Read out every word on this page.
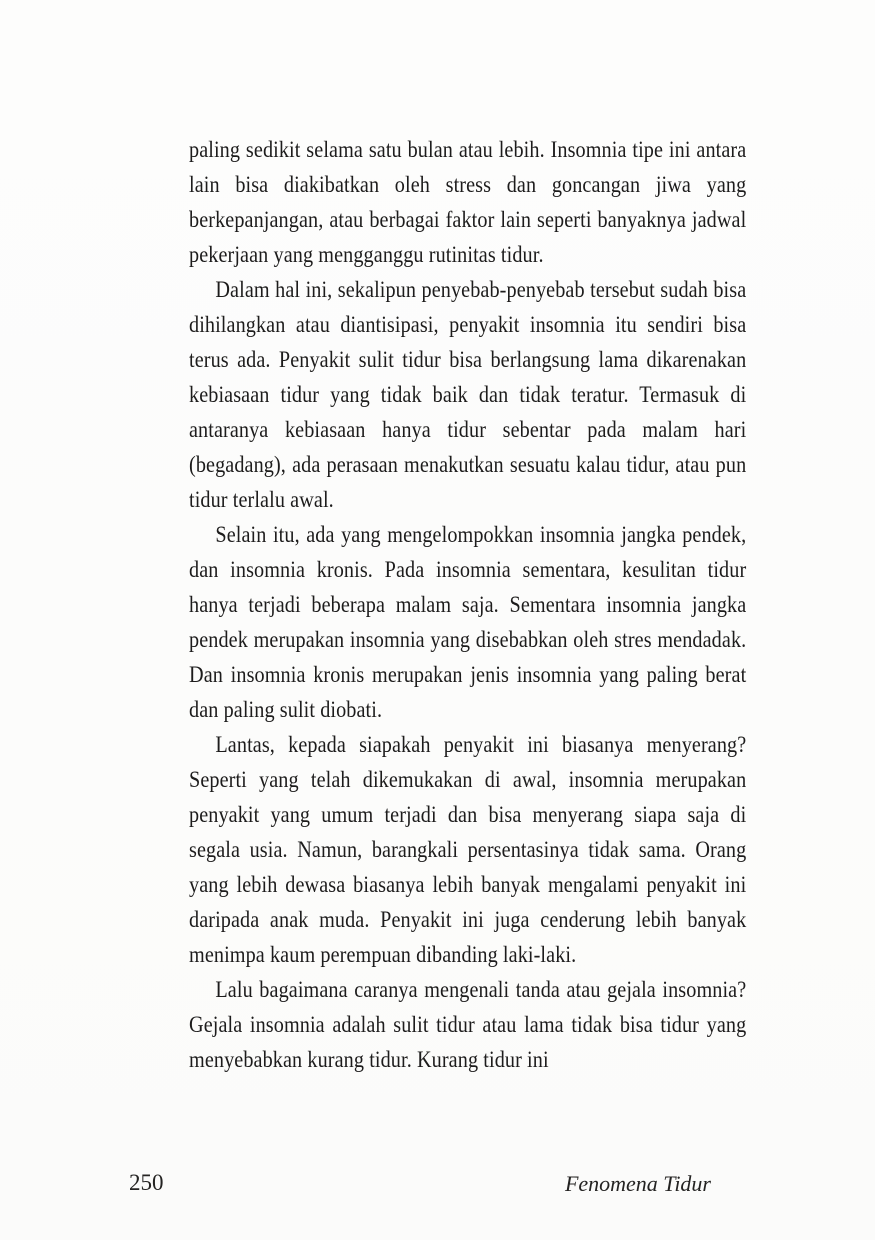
paling sedikit selama satu bulan atau lebih. Insomnia tipe ini antara lain bisa diakibatkan oleh stress dan goncangan jiwa yang berkepanjangan, atau berbagai faktor lain seperti banyaknya jadwal pekerjaan yang mengganggu rutinitas tidur.

Dalam hal ini, sekalipun penyebab-penyebab tersebut sudah bisa dihilangkan atau diantisipasi, penyakit insomnia itu sendiri bisa terus ada. Penyakit sulit tidur bisa berlangsung lama dikarenakan kebiasaan tidur yang tidak baik dan tidak teratur. Termasuk di antaranya kebiasaan hanya tidur sebentar pada malam hari (begadang), ada perasaan menakutkan sesuatu kalau tidur, atau pun tidur terlalu awal.

Selain itu, ada yang mengelompokkan insomnia jangka pendek, dan insomnia kronis. Pada insomnia sementara, kesulitan tidur hanya terjadi beberapa malam saja. Sementara insomnia jangka pendek merupakan insomnia yang disebabkan oleh stres mendadak. Dan insomnia kronis merupakan jenis insomnia yang paling berat dan paling sulit diobati.

Lantas, kepada siapakah penyakit ini biasanya menyerang? Seperti yang telah dikemukakan di awal, insomnia merupakan penyakit yang umum terjadi dan bisa menyerang siapa saja di segala usia. Namun, barangkali persentasinya tidak sama. Orang yang lebih dewasa biasanya lebih banyak mengalami penyakit ini daripada anak muda. Penyakit ini juga cenderung lebih banyak menimpa kaum perempuan dibanding laki-laki.

Lalu bagaimana caranya mengenali tanda atau gejala insomnia? Gejala insomnia adalah sulit tidur atau lama tidak bisa tidur yang menyebabkan kurang tidur. Kurang tidur ini

250	Fenomena Tidur
